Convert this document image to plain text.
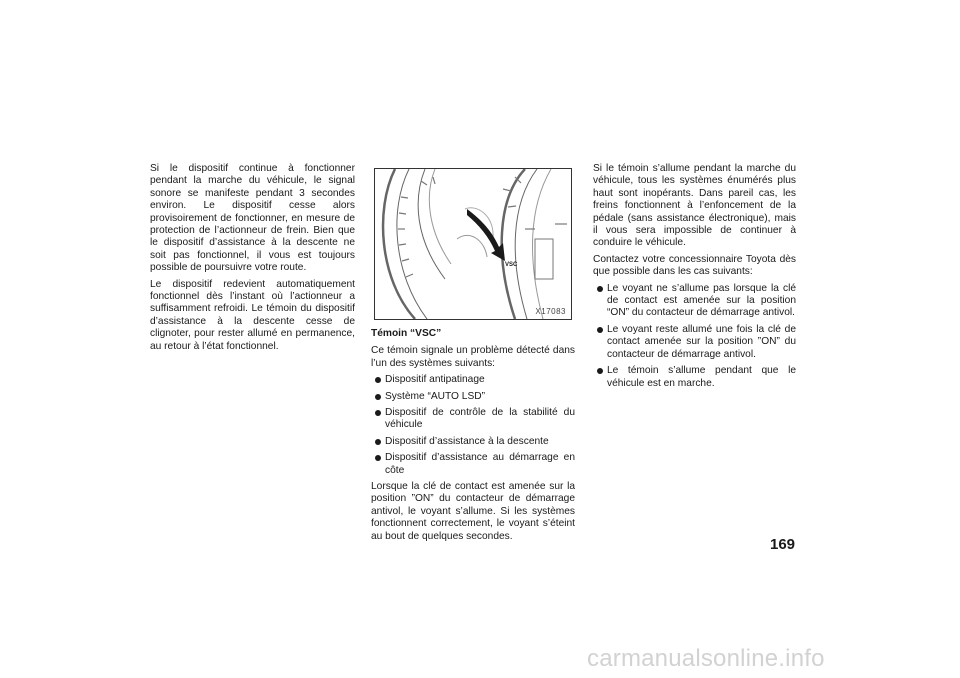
Si le dispositif continue à fonctionner pendant la marche du véhicule, le signal sonore se manifeste pendant 3 secondes environ. Le dispositif cesse alors provisoirement de fonctionner, en mesure de protection de l’actionneur de frein. Bien que le dispositif d’assistance à la descente ne soit pas fonctionnel, il vous est toujours possible de poursuivre votre route.

Le dispositif redevient automatiquement fonctionnel dès l’instant où l’actionneur a suffisamment refroidi. Le témoin du dispositif d’assistance à la descente cesse de clignoter, pour rester allumé en permanence, au retour à l’état fonctionnel.

VSC
X17083

Témoin “VSC”

Ce témoin signale un problème détecté dans l’un des systèmes suivants:

Dispositif antipatinage
Système “AUTO LSD”
Dispositif de contrôle de la stabilité du véhicule
Dispositif d’assistance à la descente
Dispositif d’assistance au démarrage en côte

Lorsque la clé de contact est amenée sur la position ”ON” du contacteur de démarrage antivol, le voyant s’allume. Si les systèmes fonctionnent correctement, le voyant s’éteint au bout de quelques secondes.

Si le témoin s’allume pendant la marche du véhicule, tous les systèmes énumérés plus haut sont inopérants. Dans pareil cas, les freins fonctionnent à l’enfoncement de la pédale (sans assistance électronique), mais il vous sera impossible de continuer à conduire le véhicule.

Contactez votre concessionnaire Toyota dès que possible dans les cas suivants:

Le voyant ne s’allume pas lorsque la clé de contact est amenée sur la position “ON” du contacteur de démarrage antivol.
Le voyant reste allumé une fois la clé de contact amenée sur la position ”ON” du contacteur de démarrage antivol.
Le témoin s’allume pendant que le véhicule est en marche.
169
carmanualsonline.info
